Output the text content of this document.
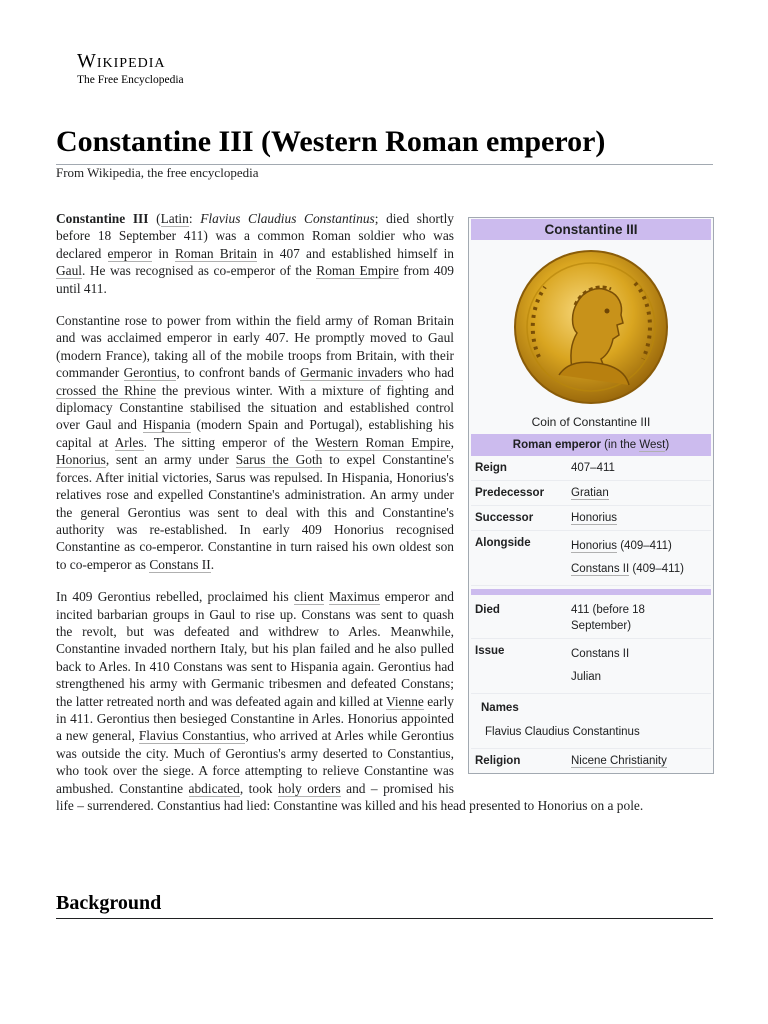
Wikipedia
The Free Encyclopedia
Constantine III (Western Roman emperor)
From Wikipedia, the free encyclopedia
Constantine III
Coin of Constantine III
Roman emperor (in the West)
Reign	407–411
Predecessor	Gratian
Successor	Honorius
Alongside	Honorius (409–411)
Constans II (409–411)
Died	411 (before 18 September)
Issue	Constans II
Julian
Names
Flavius Claudius Constantinus
Religion	Nicene Christianity

Constantine III (Latin: Flavius Claudius Constantinus; died shortly before 18 September 411) was a common Roman soldier who was declared emperor in Roman Britain in 407 and established himself in Gaul. He was recognised as co-emperor of the Roman Empire from 409 until 411.

Constantine rose to power from within the field army of Roman Britain and was acclaimed emperor in early 407. He promptly moved to Gaul (modern France), taking all of the mobile troops from Britain, with their commander Gerontius, to confront bands of Germanic invaders who had crossed the Rhine the previous winter. With a mixture of fighting and diplomacy Constantine stabilised the situation and established control over Gaul and Hispania (modern Spain and Portugal), establishing his capital at Arles. The sitting emperor of the Western Roman Empire, Honorius, sent an army under Sarus the Goth to expel Constantine's forces. After initial victories, Sarus was repulsed. In Hispania, Honorius's relatives rose and expelled Constantine's administration. An army under the general Gerontius was sent to deal with this and Constantine's authority was re-established. In early 409 Honorius recognised Constantine as co-emperor. Constantine in turn raised his own oldest son to co-emperor as Constans II.

In 409 Gerontius rebelled, proclaimed his client Maximus emperor and incited barbarian groups in Gaul to rise up. Constans was sent to quash the revolt, but was defeated and withdrew to Arles. Meanwhile, Constantine invaded northern Italy, but his plan failed and he also pulled back to Arles. In 410 Constans was sent to Hispania again. Gerontius had strengthened his army with Germanic tribesmen and defeated Constans; the latter retreated north and was defeated again and killed at Vienne early in 411. Gerontius then besieged Constantine in Arles. Honorius appointed a new general, Flavius Constantius, who arrived at Arles while Gerontius was outside the city. Much of Gerontius's army deserted to Constantius, who took over the siege. A force attempting to relieve Constantine was ambushed. Constantine abdicated, took holy orders and – promised his life – surrendered. Constantius had lied: Constantine was killed and his head presented to Honorius on a pole.

Background
